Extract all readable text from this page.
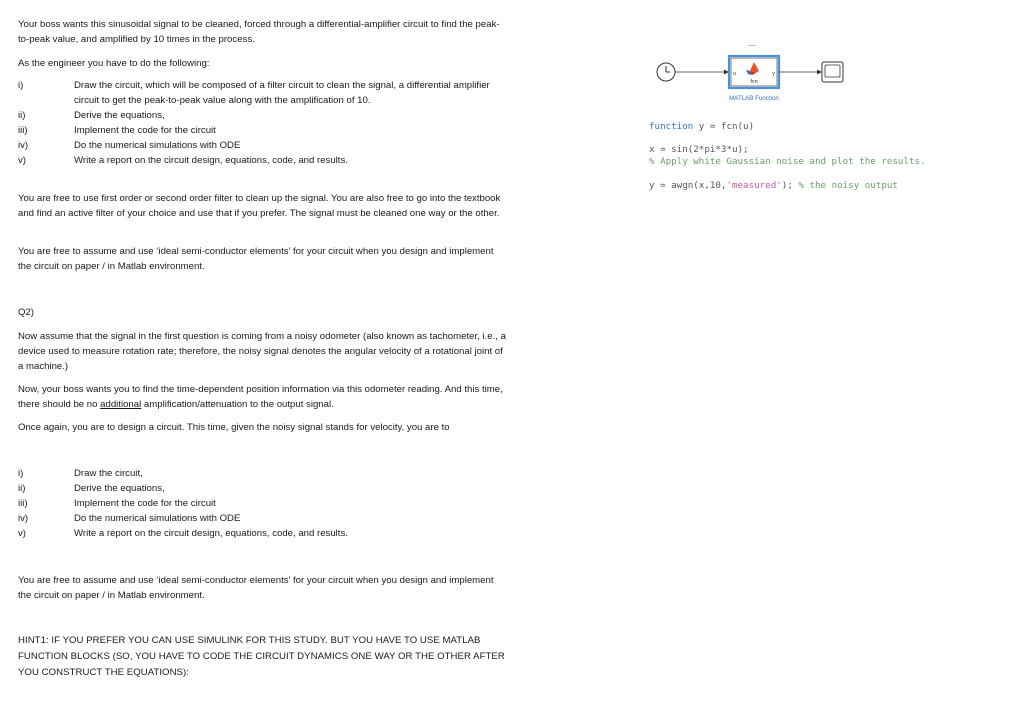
Your boss wants this sinusoidal signal to be cleaned, forced through a differential-amplifier circuit to find the peak-to-peak value, and amplified by 10 times in the process.

As the engineer you have to do the following:

i)	Draw the circuit, which will be composed of a filter circuit to clean the signal, a differential amplifier circuit to get the peak-to-peak value along with the amplification of 10.
ii)	Derive the equations,
iii)	Implement the code for the circuit
iv)	Do the numerical simulations with ODE
v)	Write a report on the circuit design, equations, code, and results.

You are free to use first order or second order filter to clean up the signal. You are also free to go into the textbook and find an active filter of your choice and use that if you prefer. The signal must be cleaned one way or the other.

You are free to assume and use ‘ideal semi-conductor elements’ for your circuit when you design and implement the circuit on paper / in Matlab environment.

Q2)

Now assume that the signal in the first question is coming from a noisy odometer (also known as tachometer, i.e., a device used to measure rotation rate; therefore, the noisy signal denotes the angular velocity of a rotational joint of a machine.)

Now, your boss wants you to find the time-dependent position information via this odometer reading. And this time, there should be no additional amplification/attenuation to the output signal.

Once again, you are to design a circuit. This time, given the noisy signal stands for velocity, you are to

i)	Draw the circuit,
ii)	Derive the equations,
iii)	Implement the code for the circuit
iv)	Do the numerical simulations with ODE
v)	Write a report on the circuit design, equations, code, and results.

You are free to assume and use ‘ideal semi-conductor elements’ for your circuit when you design and implement the circuit on paper / in Matlab environment.

HINT1: IF YOU PREFER YOU CAN USE SIMULINK FOR THIS STUDY. BUT YOU HAVE TO USE MATLAB

FUNCTION BLOCKS (SO, YOU HAVE TO CODE THE CIRCUIT DYNAMICS ONE WAY OR THE OTHER AFTER

YOU CONSTRUCT THE EQUATIONS):

...
u	y
fcn
MATLAB Function
function y = fcn(u)
x = sin(2*pi*3*u);
% Apply white Gaussian noise and plot the results.
y = awgn(x,10,'measured'); % the noisy output
